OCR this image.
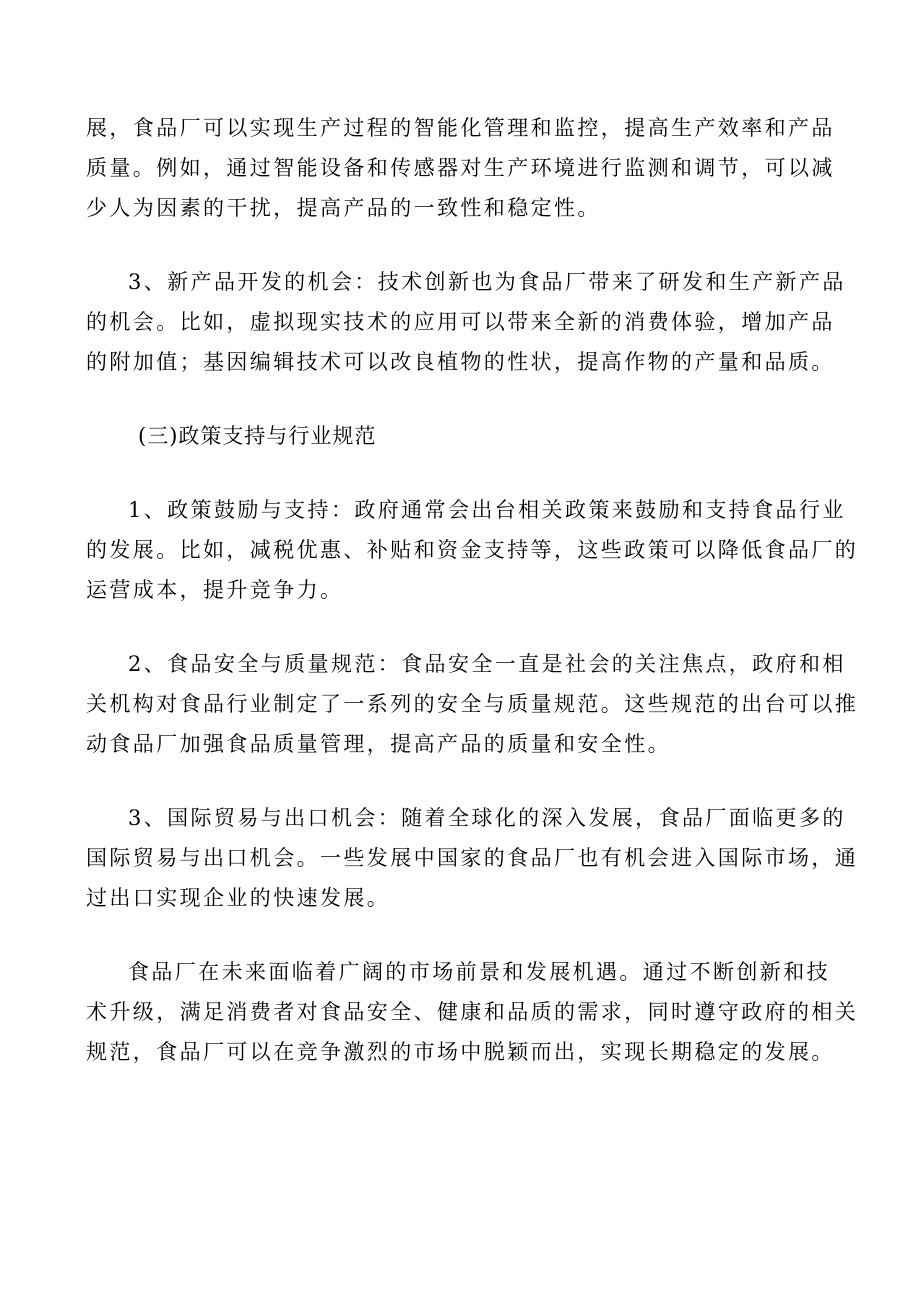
展，食品厂可以实现生产过程的智能化管理和监控，提高生产效率和产品
质量。例如，通过智能设备和传感器对生产环境进行监测和调节，可以减
少人为因素的干扰，提高产品的一致性和稳定性。

3、新产品开发的机会：技术创新也为食品厂带来了研发和生产新产品
的机会。比如，虚拟现实技术的应用可以带来全新的消费体验，增加产品
的附加值；基因编辑技术可以改良植物的性状，提高作物的产量和品质。

(三)政策支持与行业规范

1、政策鼓励与支持：政府通常会出台相关政策来鼓励和支持食品行业
的发展。比如，减税优惠、补贴和资金支持等，这些政策可以降低食品厂的
运营成本，提升竞争力。

2、食品安全与质量规范：食品安全一直是社会的关注焦点，政府和相
关机构对食品行业制定了一系列的安全与质量规范。这些规范的出台可以推
动食品厂加强食品质量管理，提高产品的质量和安全性。

3、国际贸易与出口机会：随着全球化的深入发展，食品厂面临更多的
国际贸易与出口机会。一些发展中国家的食品厂也有机会进入国际市场，通
过出口实现企业的快速发展。

食品厂在未来面临着广阔的市场前景和发展机遇。通过不断创新和技
术升级，满足消费者对食品安全、健康和品质的需求，同时遵守政府的相关
规范，食品厂可以在竞争激烈的市场中脱颖而出，实现长期稳定的发展。
